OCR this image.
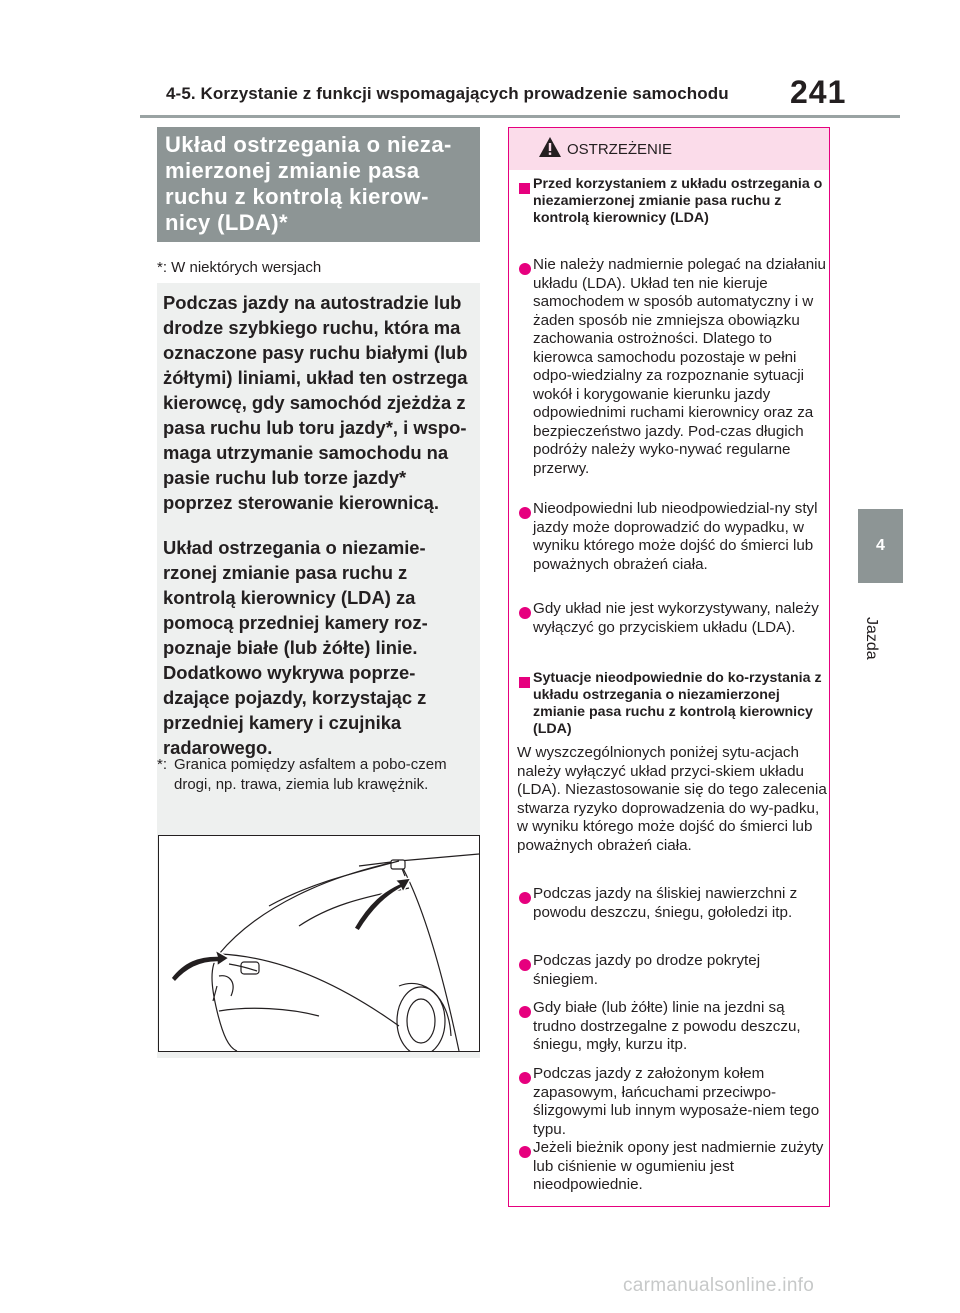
4-5. Korzystanie z funkcji wspomagających prowadzenie samochodu 241
4
Jazda
Układ ostrzegania o nieza-mierzonej zmianie pasa ruchu z kontrolą kierow-nicy (LDA)*
*: W niektórych wersjach
Podczas jazdy na autostradzie lub drodze szybkiego ruchu, która ma oznaczone pasy ruchu białymi (lub żółtymi) liniami, układ ten ostrzega kierowcę, gdy samochód zjeżdża z pasa ruchu lub toru jazdy*, i wspo-maga utrzymanie samochodu na pasie ruchu lub torze jazdy* poprzez sterowanie kierownicą.
Układ ostrzegania o niezamie-rzonej zmianie pasa ruchu z kontrolą kierownicy (LDA) za pomocą przedniej kamery roz-poznaje białe (lub żółte) linie. Dodatkowo wykrywa poprze-dzające pojazdy, korzystając z przedniej kamery i czujnika radarowego.
*: Granica pomiędzy asfaltem a pobo-czem drogi, np. trawa, ziemia lub krawężnik.
OSTRZEŻENIE
Przed korzystaniem z układu ostrzegania o niezamierzonej zmianie pasa ruchu z kontrolą kierownicy (LDA)
Nie należy nadmiernie polegać na działaniu układu (LDA). Układ ten nie kieruje samochodem w sposób automatyczny i w żaden sposób nie zmniejsza obowiązku zachowania ostrożności. Dlatego to kierowca samochodu pozostaje w pełni odpo-wiedzialny za rozpoznanie sytuacji wokół i korygowanie kierunku jazdy odpowiednimi ruchami kierownicy oraz za bezpieczeństwo jazdy. Pod-czas długich podróży należy wyko-nywać regularne przerwy.
Nieodpowiedni lub nieodpowiedzial-ny styl jazdy może doprowadzić do wypadku, w wyniku którego może dojść do śmierci lub poważnych obrażeń ciała.
Gdy układ nie jest wykorzystywany, należy wyłączyć go przyciskiem układu (LDA).
Sytuacje nieodpowiednie do ko-rzystania z układu ostrzegania o niezamierzonej zmianie pasa ruchu z kontrolą kierownicy (LDA)
W wyszczególnionych poniżej sytu-acjach należy wyłączyć układ przyci-skiem układu (LDA). Niezastosowanie się do tego zalecenia stwarza ryzyko doprowadzenia do wy-padku, w wyniku którego może dojść do śmierci lub poważnych obrażeń ciała.
Podczas jazdy na śliskiej nawierzchni z powodu deszczu, śniegu, gołoledzi itp.
Podczas jazdy po drodze pokrytej śniegiem.
Gdy białe (lub żółte) linie na jezdni są trudno dostrzegalne z powodu deszczu, śniegu, mgły, kurzu itp.
Podczas jazdy z założonym kołem zapasowym, łańcuchami przeciwpo-ślizgowymi lub innym wyposaże-niem tego typu.
Jeżeli bieżnik opony jest nadmiernie zużyty lub ciśnienie w ogumieniu jest nieodpowiednie.
carmanualsonline.info
